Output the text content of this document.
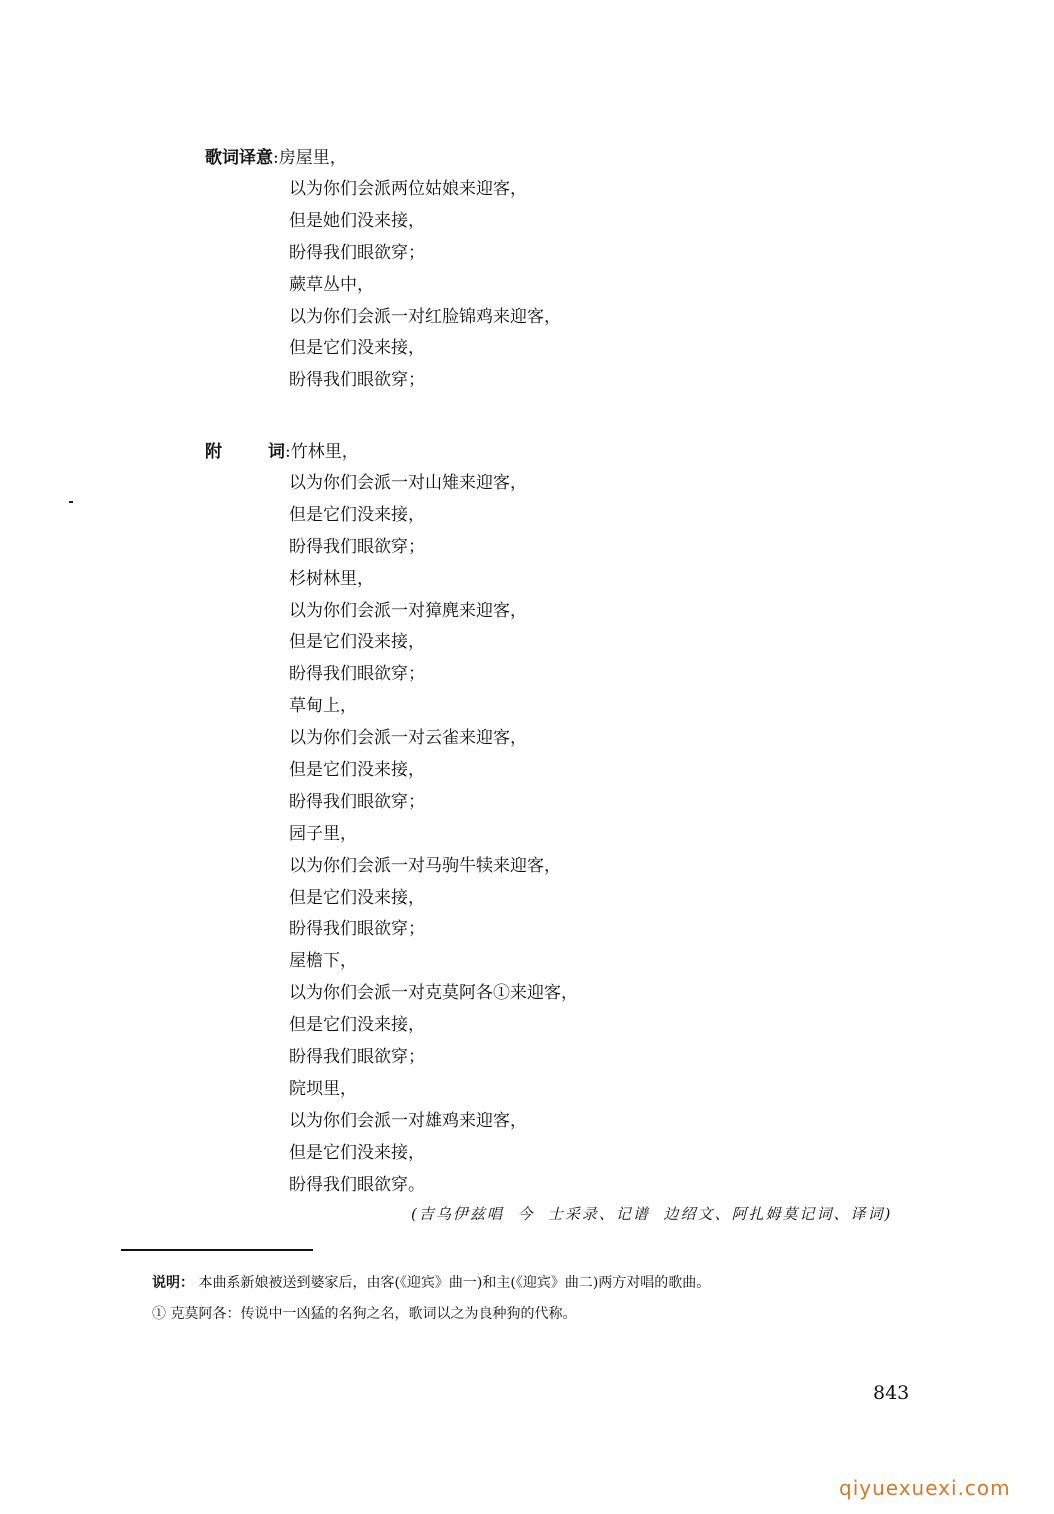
歌词译意 : 房屋里，
以为你们会派两位姑娘来迎客，
但是她们没来接，
盼得我们眼欲穿；
蕨草丛中，
以为你们会派一对红脸锦鸡来迎客，
但是它们没来接，
盼得我们眼欲穿；
附	词 : 竹林里，
以为你们会派一对山雉来迎客，
但是它们没来接，
盼得我们眼欲穿；
杉树林里，
以为你们会派一对獐麂来迎客，
但是它们没来接，
盼得我们眼欲穿；
草甸上，
以为你们会派一对云雀来迎客，
但是它们没来接，
盼得我们眼欲穿；
园子里，
以为你们会派一对马驹牛犊来迎客，
但是它们没来接，
盼得我们眼欲穿；
屋檐下，
以为你们会派一对克莫阿各①来迎客，
但是它们没来接，
盼得我们眼欲穿；
院坝里，
以为你们会派一对雄鸡来迎客，
但是它们没来接，
盼得我们眼欲穿。
(吉乌伊兹唱  今  士采录、记谱  边绍文、阿扎姆莫记词、译词)
说明： 本曲系新娘被送到婆家后，由客(《迎宾》曲一)和主(《迎宾》曲二)两方对唱的歌曲。
① 克莫阿各：传说中一凶猛的名狗之名，歌词以之为良种狗的代称。
843
qiyuexuexi.com
